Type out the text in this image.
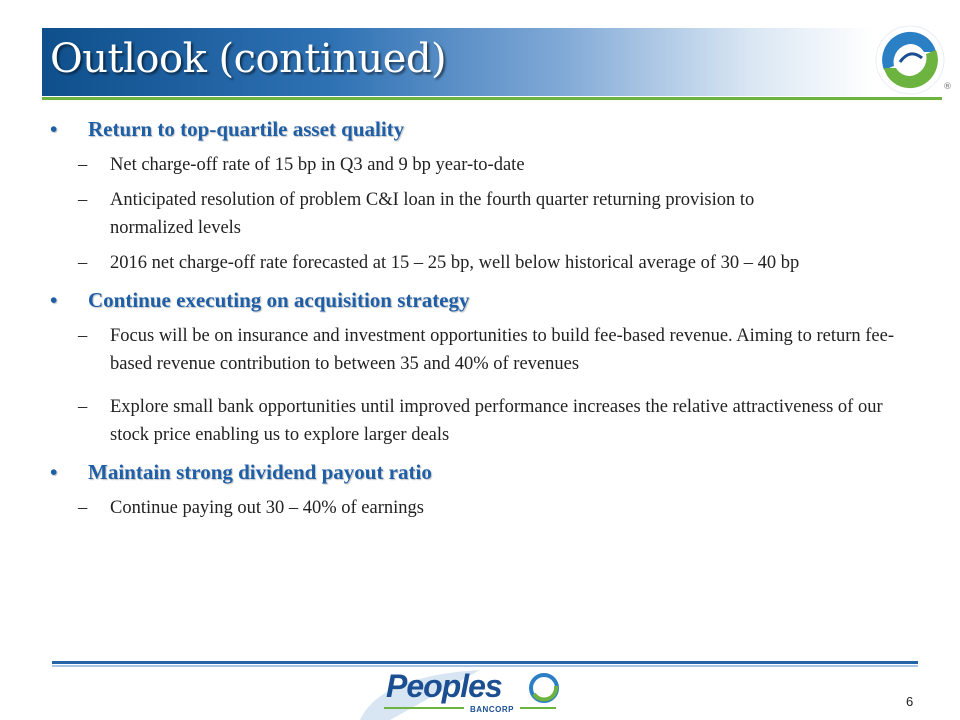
Outlook (continued)
®
• Return to top-quartile asset quality
– Net charge-off rate of 15 bp in Q3 and 9 bp year-to-date
– Anticipated resolution of problem C&I loan in the fourth quarter returning provision to normalized levels
– 2016 net charge-off rate forecasted at 15 – 25 bp, well below historical average of 30 – 40 bp
• Continue executing on acquisition strategy
– Focus will be on insurance and investment opportunities to build fee-based revenue. Aiming to return fee-based revenue contribution to between 35 and 40% of revenues
– Explore small bank opportunities until improved performance increases the relative attractiveness of our stock price enabling us to explore larger deals
• Maintain strong dividend payout ratio
– Continue paying out 30 – 40% of earnings
Peoples
BANCORP
6
